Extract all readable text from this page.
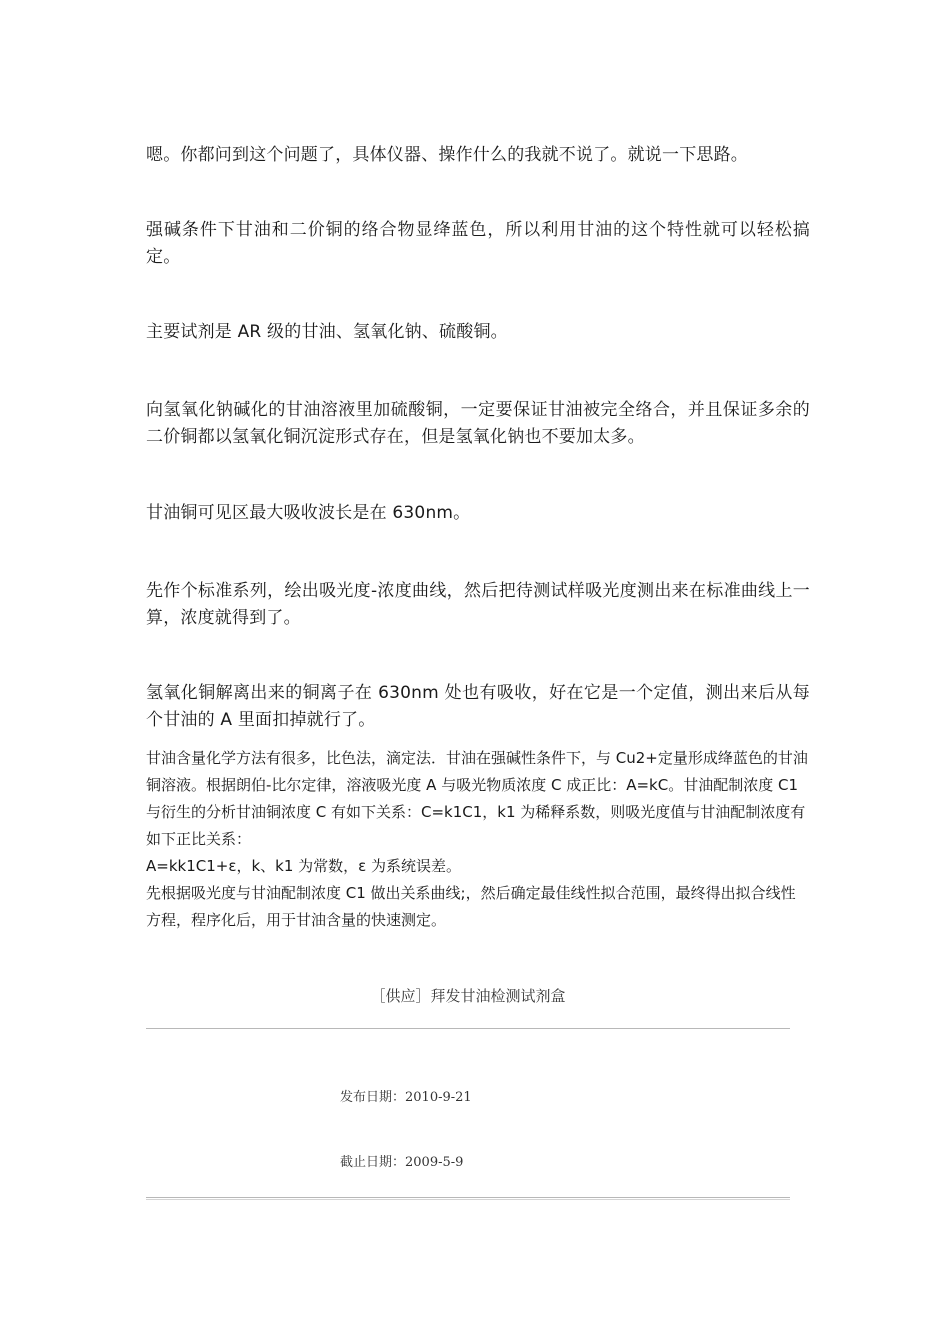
嗯。你都问到这个问题了，具体仪器、操作什么的我就不说了。就说一下思路。

强碱条件下甘油和二价铜的络合物显绛蓝色，所以利用甘油的这个特性就可以轻松搞定。

主要试剂是 AR 级的甘油、氢氧化钠、硫酸铜。

向氢氧化钠碱化的甘油溶液里加硫酸铜，一定要保证甘油被完全络合，并且保证多余的二价铜都以氢氧化铜沉淀形式存在，但是氢氧化钠也不要加太多。

甘油铜可见区最大吸收波长是在 630nm。

先作个标准系列，绘出吸光度-浓度曲线，然后把待测试样吸光度测出来在标准曲线上一算，浓度就得到了。

氢氧化铜解离出来的铜离子在 630nm 处也有吸收，好在它是一个定值，测出来后从每个甘油的 A 里面扣掉就行了。

甘油含量化学方法有很多，比色法，滴定法．甘油在强碱性条件下，与 Cu2+定量形成绛蓝色的甘油铜溶液。根据朗伯-比尔定律，溶液吸光度 A 与吸光物质浓度 C 成正比：A=kC。甘油配制浓度 C1 与衍生的分析甘油铜浓度 C 有如下关系：C=k1C1，k1 为稀释系数，则吸光度值与甘油配制浓度有如下正比关系：
A=kk1C1+ε，k、k1 为常数，ε 为系统误差。
先根据吸光度与甘油配制浓度 C1 做出关系曲线;，然后确定最佳线性拟合范围，最终得出拟合线性方程，程序化后，用于甘油含量的快速测定。
［供应］拜发甘油检测试剂盒
发布日期：2010-9-21
截止日期：2009-5-9
